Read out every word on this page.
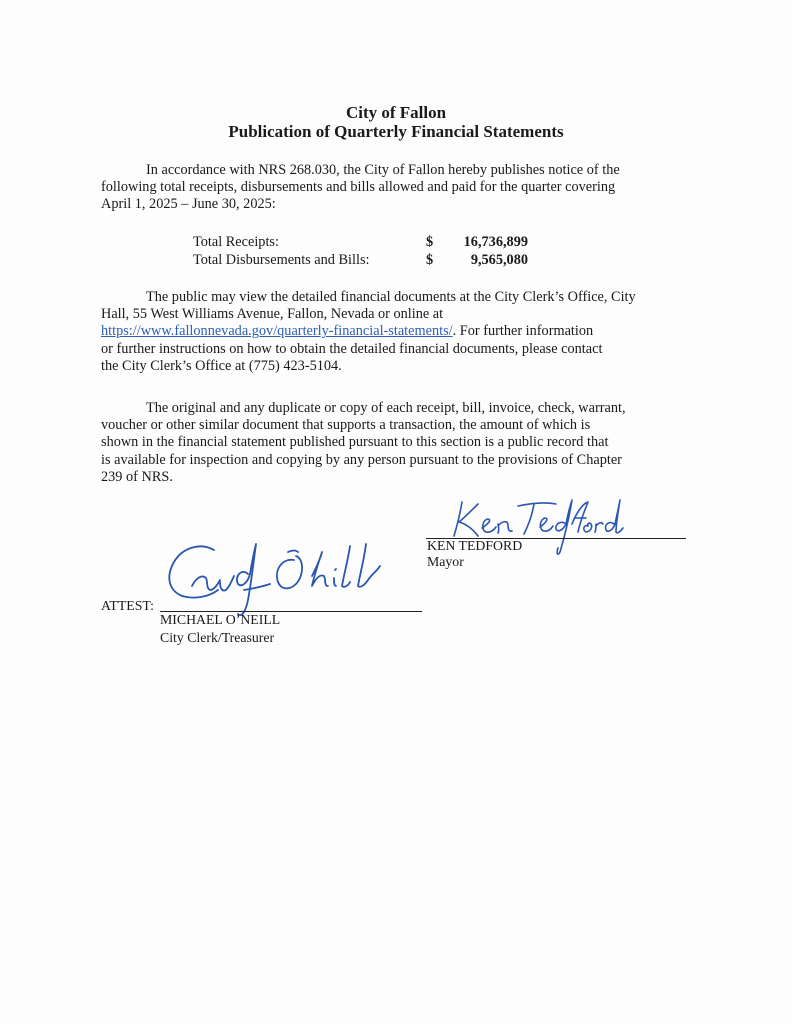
City of Fallon
Publication of Quarterly Financial Statements
In accordance with NRS 268.030, the City of Fallon hereby publishes notice of the
following total receipts, disbursements and bills allowed and paid for the quarter covering
April 1, 2025 – June 30, 2025:
Total Receipts:	$	16,736,899
Total Disbursements and Bills:	$	9,565,080
The public may view the detailed financial documents at the City Clerk’s Office, City
Hall, 55 West Williams Avenue, Fallon, Nevada or online at
https://www.fallonnevada.gov/quarterly-financial-statements/. For further information
or further instructions on how to obtain the detailed financial documents, please contact
the City Clerk’s Office at (775) 423-5104.
The original and any duplicate or copy of each receipt, bill, invoice, check, warrant,
voucher or other similar document that supports a transaction, the amount of which is
shown in the financial statement published pursuant to this section is a public record that
is available for inspection and copying by any person pursuant to the provisions of Chapter
239 of NRS.
KEN TEDFORD
Mayor
ATTEST:
MICHAEL O’NEILL
City Clerk/Treasurer
